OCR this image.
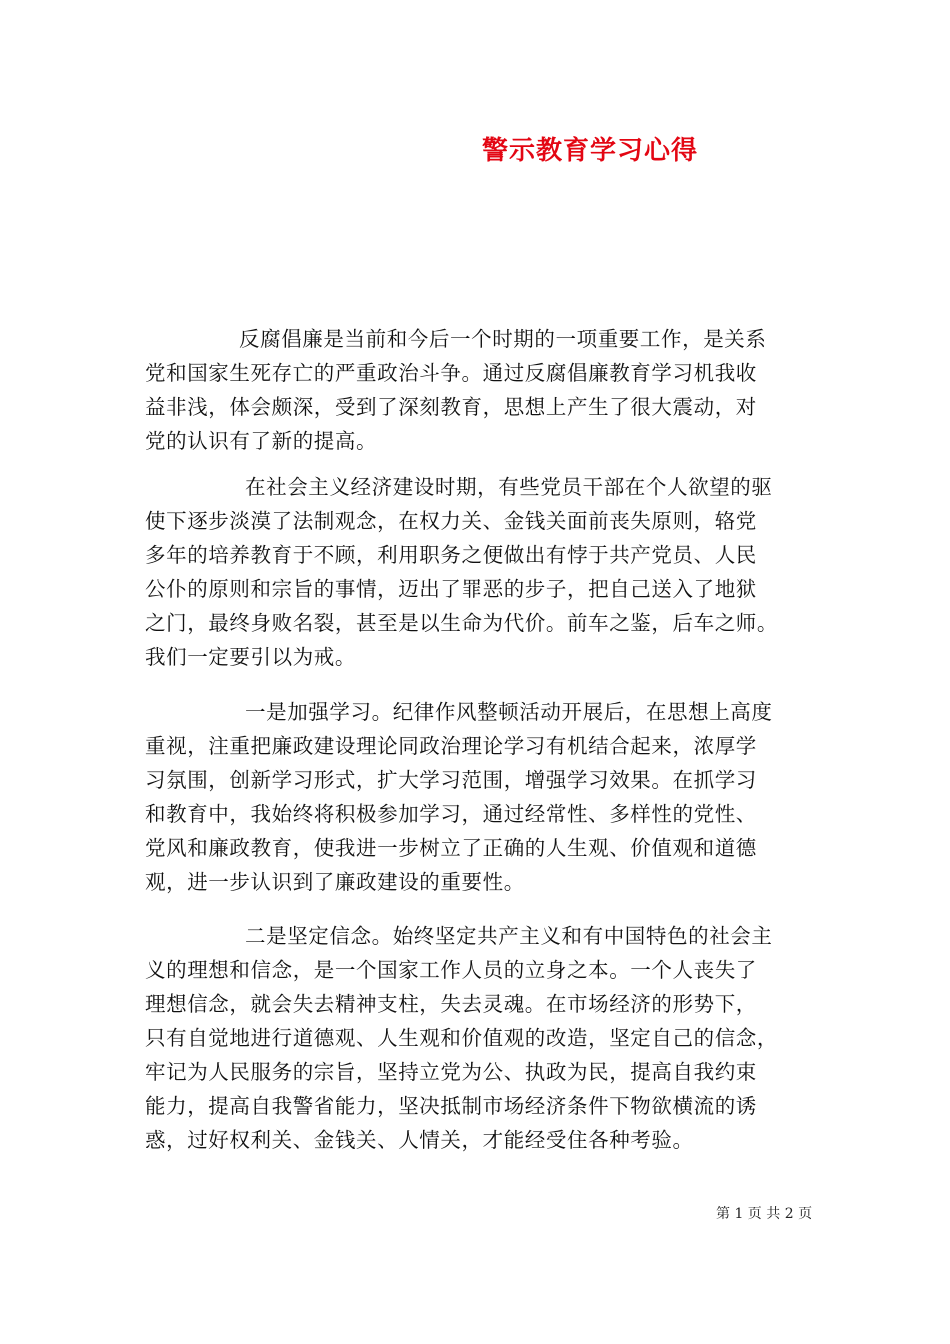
警示教育学习心得
反腐倡廉是当前和今后一个时期的一项重要工作，是关系
党和国家生死存亡的严重政治斗争。通过反腐倡廉教育学习机我收
益非浅，体会颇深，受到了深刻教育，思想上产生了很大震动，对
党的认识有了新的提高。
在社会主义经济建设时期，有些党员干部在个人欲望的驱
使下逐步淡漠了法制观念，在权力关、金钱关面前丧失原则，辂党
多年的培养教育于不顾，利用职务之便做出有悖于共产党员、人民
公仆的原则和宗旨的事情，迈出了罪恶的步子，把自己送入了地狱
之门，最终身败名裂，甚至是以生命为代价。前车之鉴，后车之师。
我们一定要引以为戒。
一是加强学习。纪律作风整顿活动开展后，在思想上高度
重视，注重把廉政建设理论同政治理论学习有机结合起来，浓厚学
习氛围，创新学习形式，扩大学习范围，增强学习效果。在抓学习
和教育中，我始终将积极参加学习，通过经常性、多样性的党性、
党风和廉政教育，使我进一步树立了正确的人生观、价值观和道德
观，进一步认识到了廉政建设的重要性。
二是坚定信念。始终坚定共产主义和有中国特色的社会主
义的理想和信念，是一个国家工作人员的立身之本。一个人丧失了
理想信念，就会失去精神支柱，失去灵魂。在市场经济的形势下，
只有自觉地进行道德观、人生观和价值观的改造，坚定自己的信念，
牢记为人民服务的宗旨，坚持立党为公、执政为民，提高自我约束
能力，提高自我警省能力，坚决抵制市场经济条件下物欲横流的诱
惑，过好权利关、金钱关、人情关，才能经受住各种考验。
第 1 页 共 2 页
